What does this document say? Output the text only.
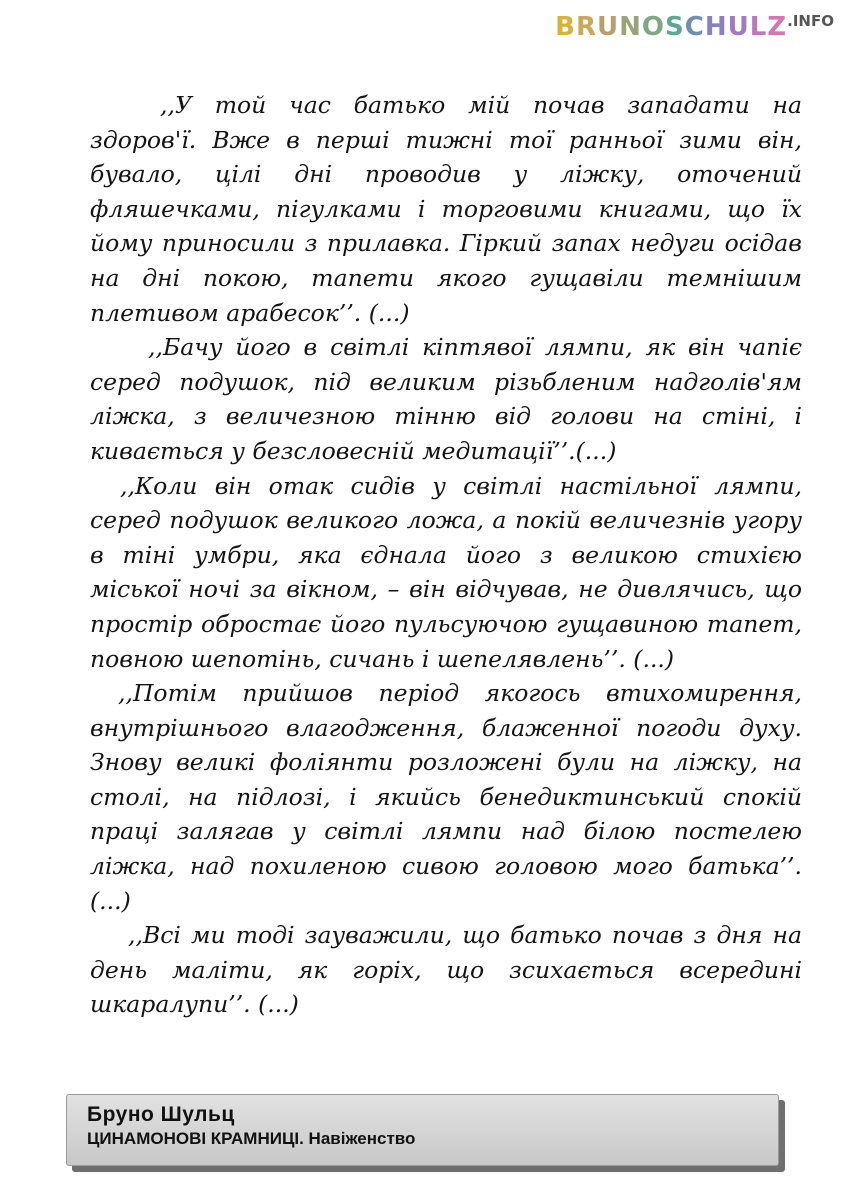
$BRUNOSCHULZ^{.INFO}$

,,У той час батько мій почав западати на здоров'ї. Вже в перші тижні тої ранньої зими він, бувало, цілі дні проводив у ліжку, оточений фляшечками, пігулками і торговими книгами, що їх йому приносили з прилавка. Гіркий запах недуги осідав на дні покою, тапети якого гущавіли темнішим плетивом арабесок’’. (...)

,,Бачу його в світлі кіптявої лямпи, як він чапіє серед подушок, під великим різьбленим надголів'ям ліжка, з величезною тінню від голови на стіні, і кивається у безсловесній медитації’’.(...)

,,Коли він отак сидів у світлі настільної лямпи, серед подушок великого ложа, а покій величезнів угору в тіні умбри, яка єднала його з великою стихією міської ночі за вікном, – він відчував, не дивлячись, що простір обростає його пульсуючою гущавиною тапет, повною шепотінь, сичань і шепелявлень’’. (...)

,,Потім прийшов період якогось втихомирення, внутрішнього влагодження, блаженної погоди духу. Знову великі фоліянти розложені були на ліжку, на столі, на підлозі, і якийсь бенедиктинський спокій праці залягав у світлі лямпи над білою постелею ліжка, над похиленою сивою головою мого батька’’. (...)

,,Всі ми тоді зауважили, що батько почав з дня на день маліти, як горіх, що зсихається всередині шкаралупи’’. (...)

Бруно Шульц
ЦИНАМОНОВІ КРАМНИЦІ. Навіженство
